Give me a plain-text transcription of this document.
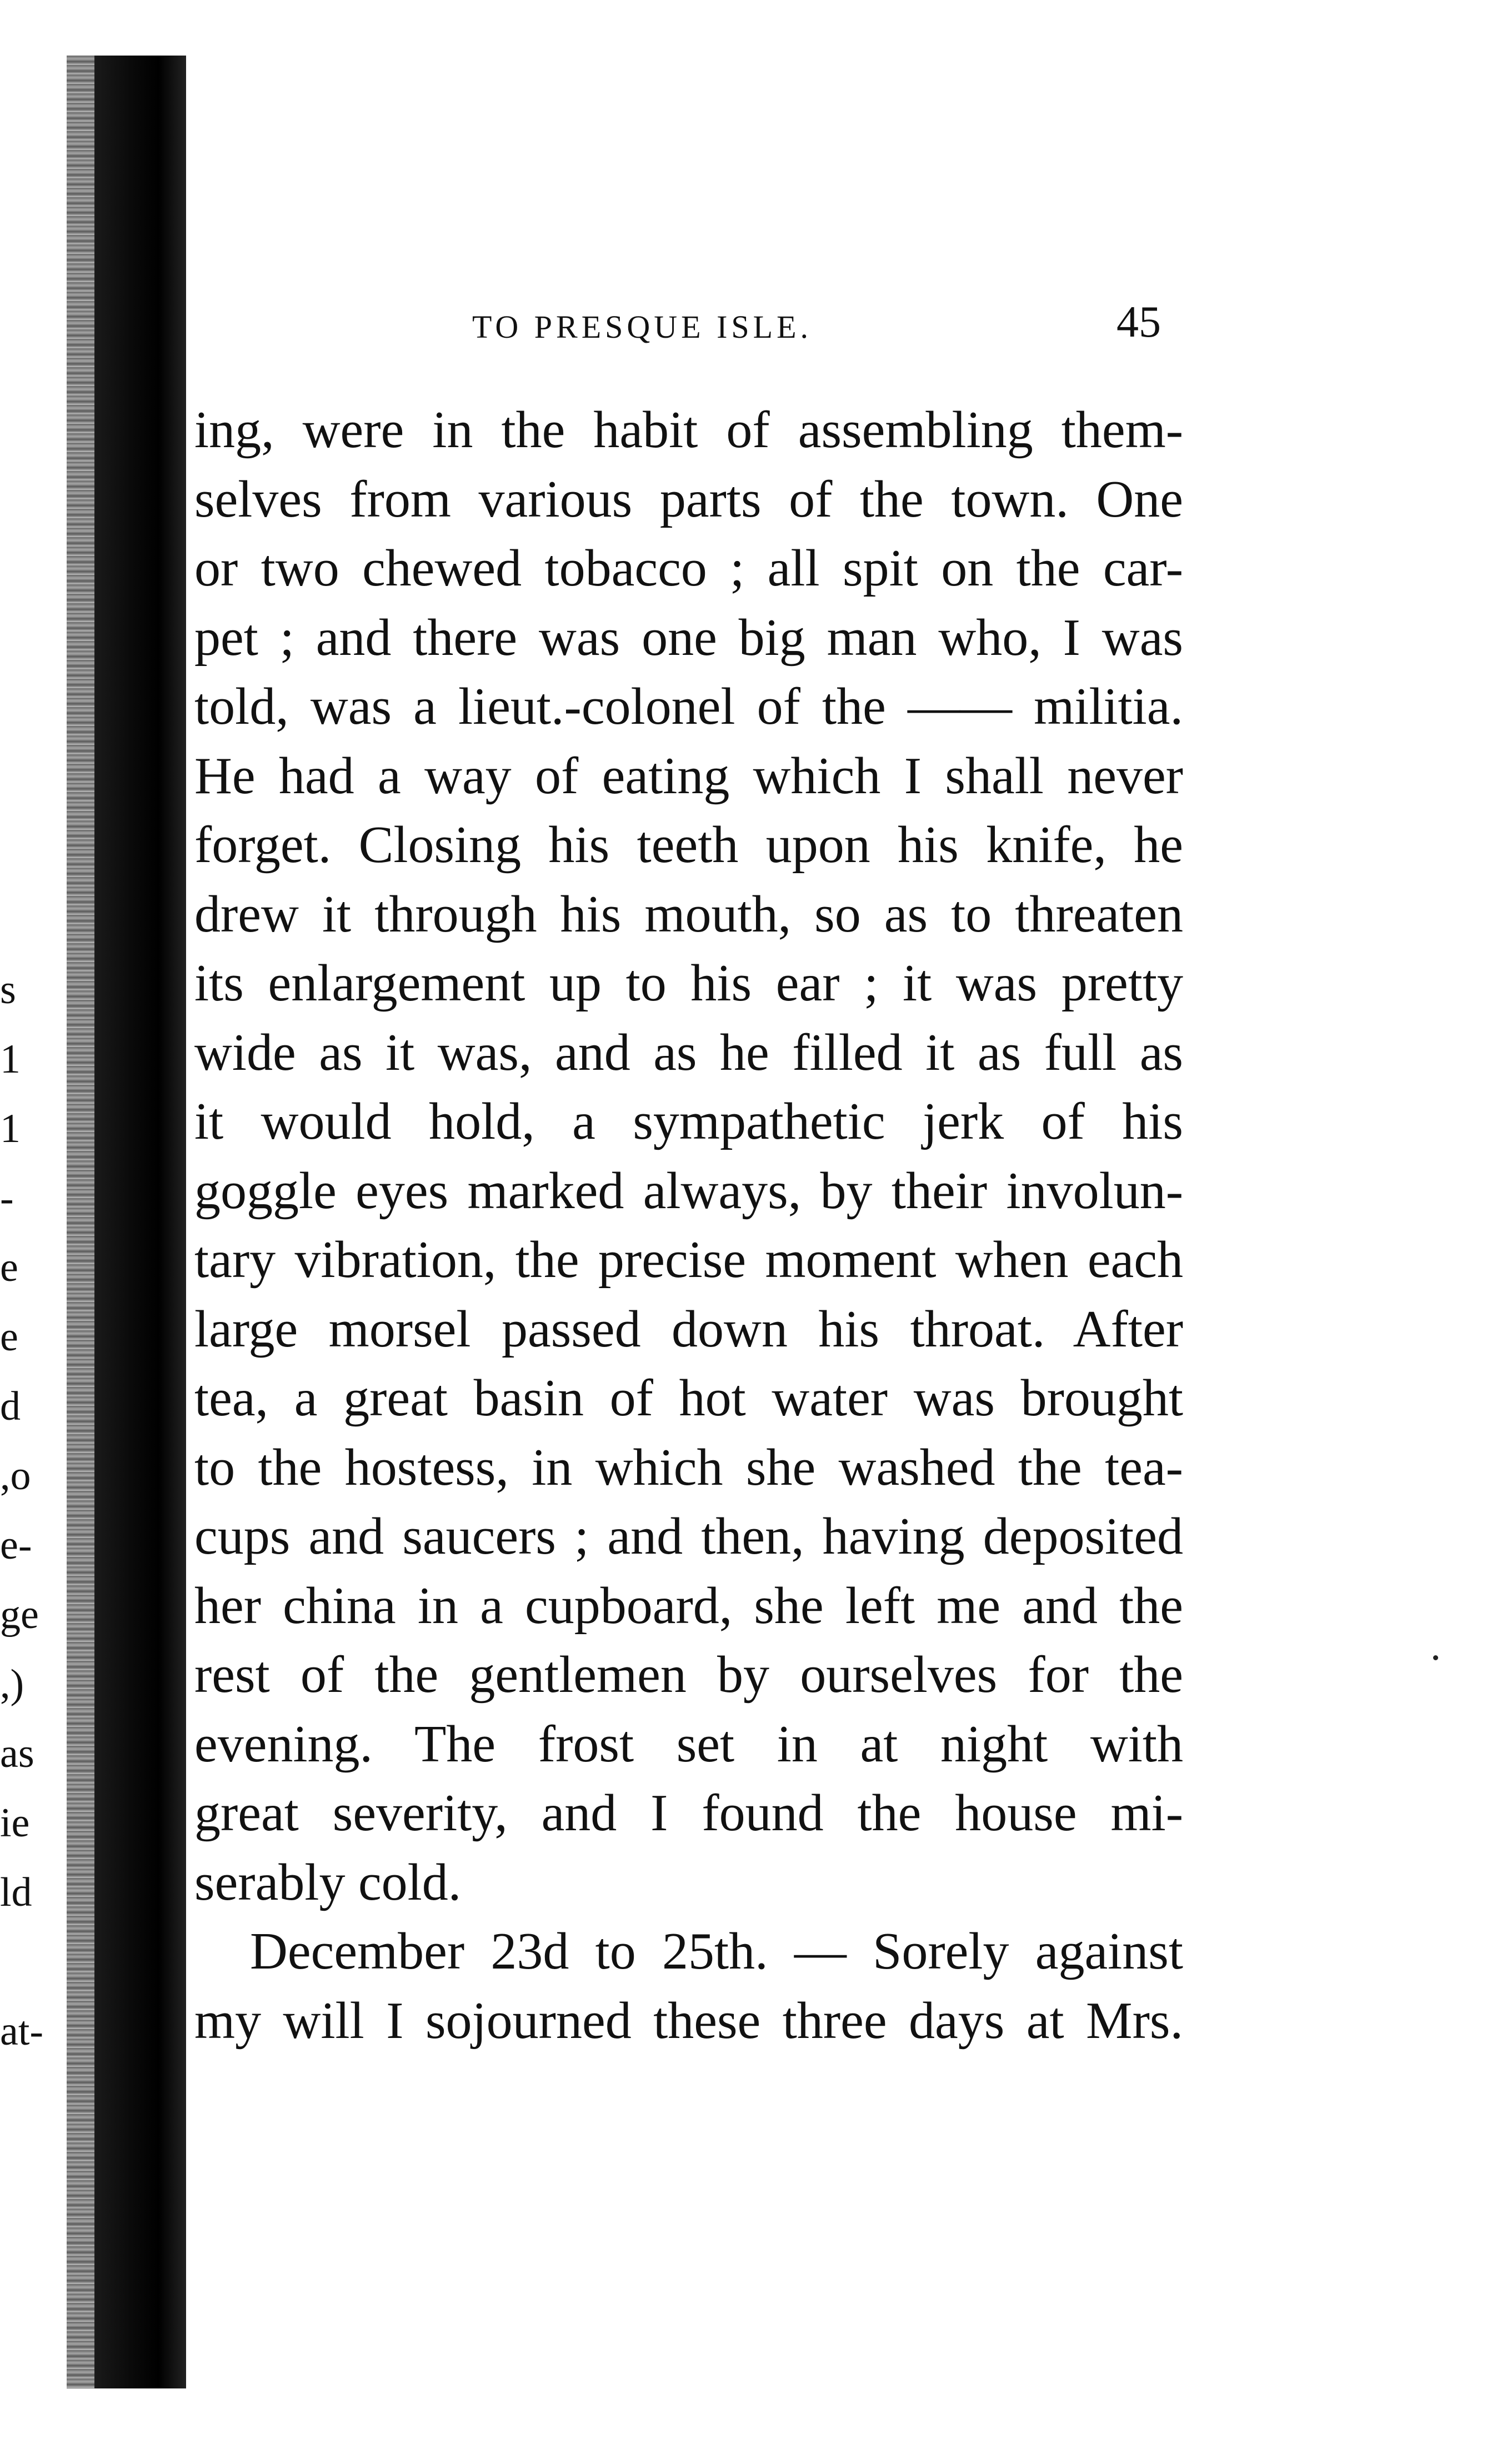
s
1
1
-
e
e
d
,o
e-
ge
,)
as
ie
ld
at-
TO PRESQUE ISLE.	45
ing, were in the habit of assembling them-
selves from various parts of the town. One
or two chewed tobacco ; all spit on the car-
pet ; and there was one big man who, I was
told, was a lieut.-colonel of the —— militia.
He had a way of eating which I shall never
forget. Closing his teeth upon his knife, he
drew it through his mouth, so as to threaten
its enlargement up to his ear ; it was pretty
wide as it was, and as he filled it as full as
it would hold, a sympathetic jerk of his
goggle eyes marked always, by their involun-
tary vibration, the precise moment when each
large morsel passed down his throat. After
tea, a great basin of hot water was brought
to the hostess, in which she washed the tea-
cups and saucers ; and then, having deposited
her china in a cupboard, she left me and the
rest of the gentlemen by ourselves for the
evening. The frost set in at night with
great severity, and I found the house mi-
serably cold.
December 23d to 25th. — Sorely against
my will I sojourned these three days at Mrs.
